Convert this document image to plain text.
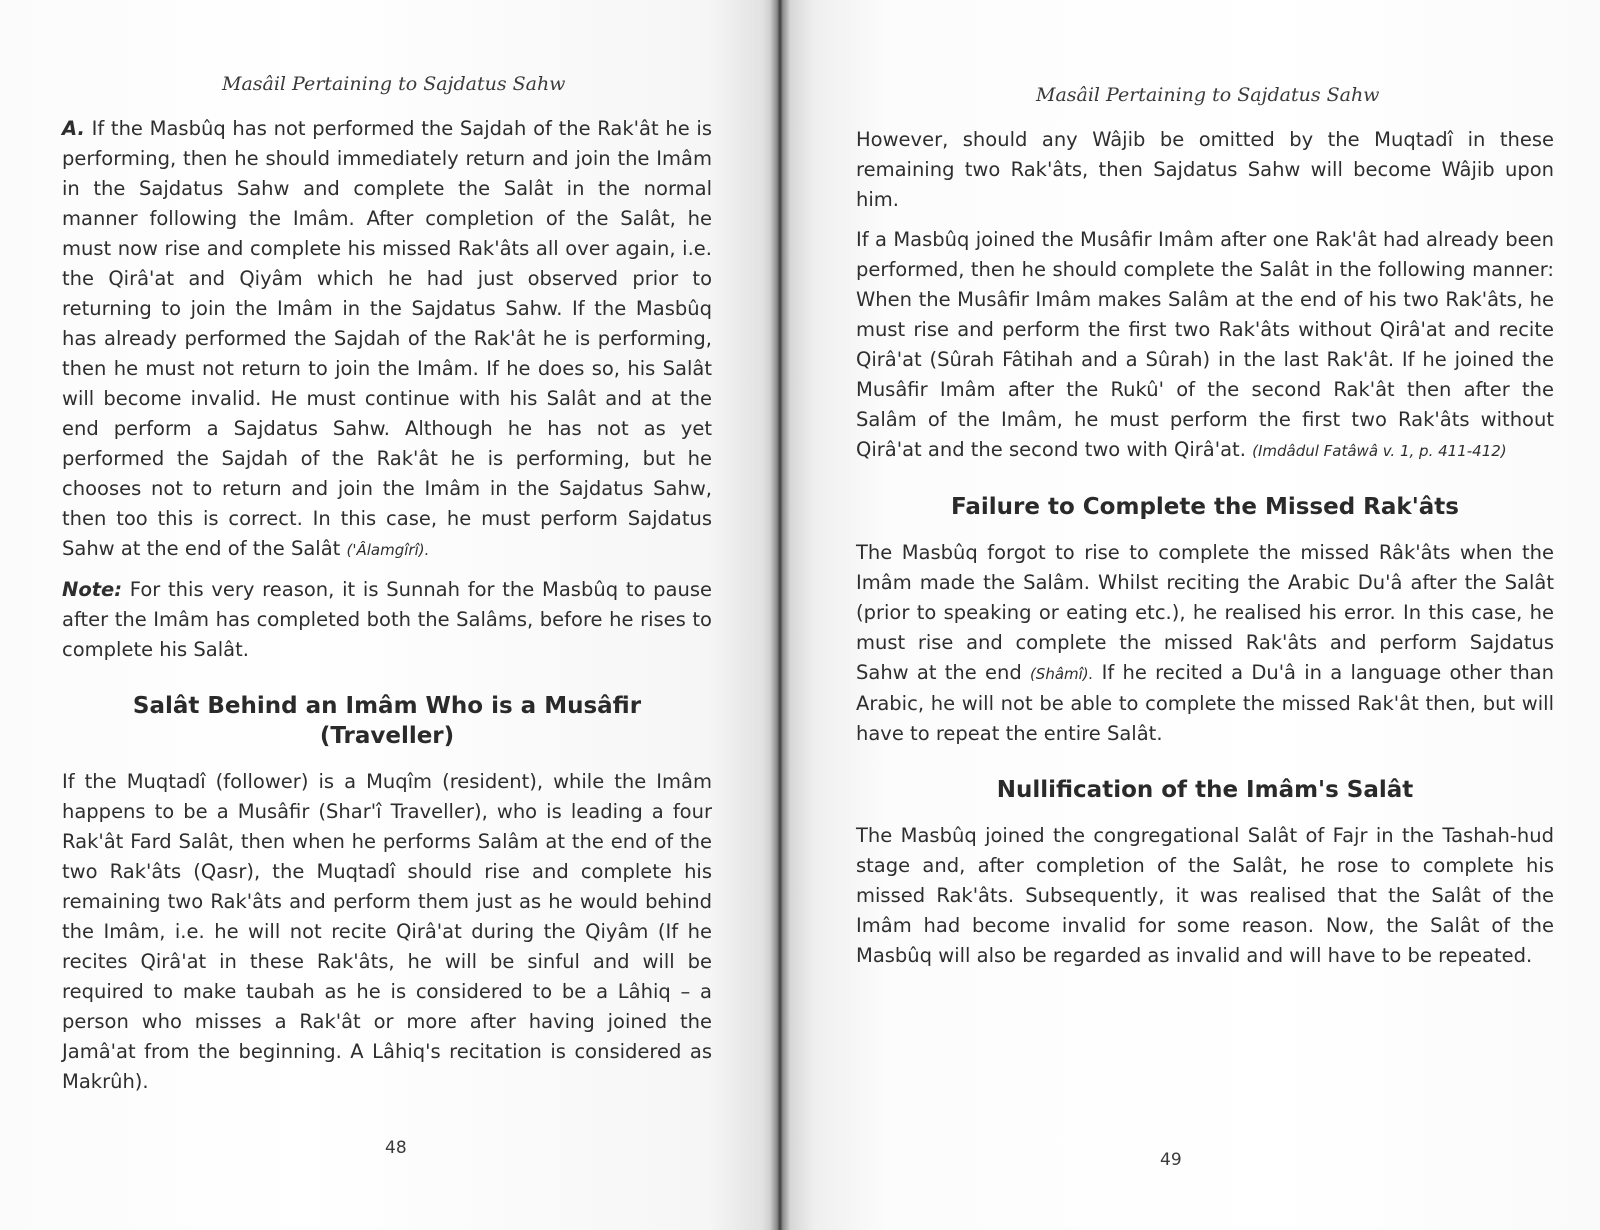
Masâil Pertaining to Sajdatus Sahw

A. If the Masbûq has not performed the Sajdah of the Rak'ât he is performing, then he should immediately return and join the Imâm in the Sajdatus Sahw and complete the Salât in the normal manner following the Imâm. After completion of the Salât, he must now rise and complete his missed Rak'âts all over again, i.e. the Qirâ'at and Qiyâm which he had just observed prior to returning to join the Imâm in the Sajdatus Sahw. If the Masbûq has already performed the Sajdah of the Rak'ât he is performing, then he must not return to join the Imâm. If he does so, his Salât will become invalid. He must continue with his Salât and at the end perform a Sajdatus Sahw. Although he has not as yet performed the Sajdah of the Rak'ât he is performing, but he chooses not to return and join the Imâm in the Sajdatus Sahw, then too this is correct. In this case, he must perform Sajdatus Sahw at the end of the Salât ('Âlamgîrî).

Note: For this very reason, it is Sunnah for the Masbûq to pause after the Imâm has completed both the Salâms, before he rises to complete his Salât.

Salât Behind an Imâm Who is a Musâfir (Traveller)

If the Muqtadî (follower) is a Muqîm (resident), while the Imâm happens to be a Musâfir (Shar'î Traveller), who is leading a four Rak'ât Fard Salât, then when he performs Salâm at the end of the two Rak'âts (Qasr), the Muqtadî should rise and complete his remaining two Rak'âts and perform them just as he would behind the Imâm, i.e. he will not recite Qirâ'at during the Qiyâm (If he recites Qirâ'at in these Rak'âts, he will be sinful and will be required to make taubah as he is considered to be a Lâhiq – a person who misses a Rak'ât or more after having joined the Jamâ'at from the beginning. A Lâhiq's recitation is considered as Makrûh).

48
Masâil Pertaining to Sajdatus Sahw

However, should any Wâjib be omitted by the Muqtadî in these remaining two Rak'âts, then Sajdatus Sahw will become Wâjib upon him.

If a Masbûq joined the Musâfir Imâm after one Rak'ât had already been performed, then he should complete the Salât in the following manner: When the Musâfir Imâm makes Salâm at the end of his two Rak'âts, he must rise and perform the first two Rak'âts without Qirâ'at and recite Qirâ'at (Sûrah Fâtihah and a Sûrah) in the last Rak'ât. If he joined the Musâfir Imâm after the Rukû' of the second Rak'ât then after the Salâm of the Imâm, he must perform the first two Rak'âts without Qirâ'at and the second two with Qirâ'at. (Imdâdul Fatâwâ v. 1, p. 411-412)

Failure to Complete the Missed Rak'âts

The Masbûq forgot to rise to complete the missed Râk'âts when the Imâm made the Salâm. Whilst reciting the Arabic Du'â after the Salât (prior to speaking or eating etc.), he realised his error. In this case, he must rise and complete the missed Rak'âts and perform Sajdatus Sahw at the end (Shâmî). If he recited a Du'â in a language other than Arabic, he will not be able to complete the missed Rak'ât then, but will have to repeat the entire Salât.

Nullification of the Imâm's Salât

The Masbûq joined the congregational Salât of Fajr in the Tashah-hud stage and, after completion of the Salât, he rose to complete his missed Rak'âts. Subsequently, it was realised that the Salât of the Imâm had become invalid for some reason. Now, the Salât of the Masbûq will also be regarded as invalid and will have to be repeated.

49
